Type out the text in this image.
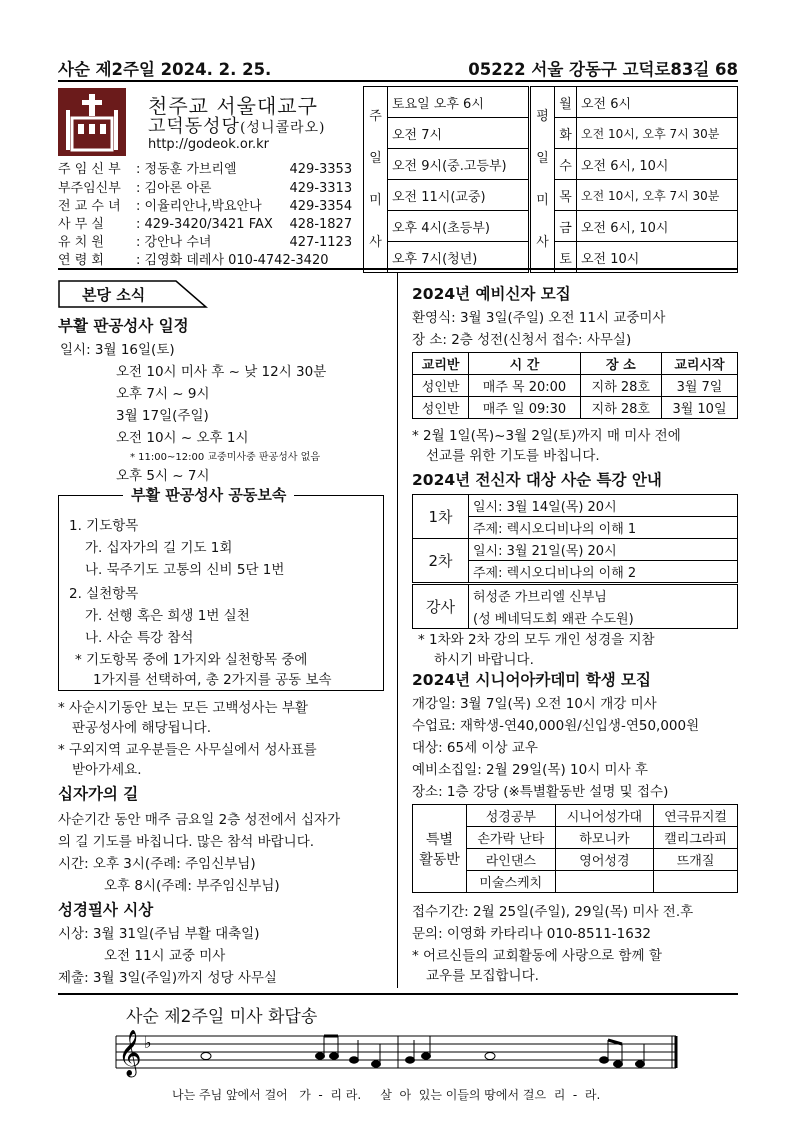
사순 제2주일 2024. 2. 25.	05222 서울 강동구 고덕로83길 68
천주교 서울대교구
고덕동성당(성니콜라오)
http://godeok.or.kr
주 임 신 부 : 정동훈 가브리엘	429-3353
부주임신부 : 김아론 아론	429-3313
전 교 수 녀 : 이율리안나,박요안나 429-3354
사 무 실 : 429-3420/3421 FAX 428-1827
유 치 원 : 강안나 수녀	427-1123
연 령 회 : 김영화 데레사 010-4742-3420
주
일
미
사
	토요일 오후 6시
오전 7시
오전 9시(중.고등부)
오전 11시(교중)
오후 4시(초등부)
오후 7시(청년)
평
일
미
사	월	오전 6시
	화	오전 10시, 오후 7시 30분
	수	오전 6시, 10시
	목	오전 10시, 오후 7시 30분
	금	오전 6시, 10시
	토	오전 10시
본당 소식
부활 판공성사 일정
일시: 3월 16일(토)
오전 10시 미사 후 ~ 낮 12시 30분
오후 7시 ~ 9시
3월 17일(주일)
오전 10시 ~ 오후 1시
* 11:00~12:00 교중미사중 판공성사 없음
오후 5시 ~ 7시
부활 판공성사 공동보속
1. 기도항목
가. 십자가의 길 기도 1회
나. 묵주기도 고통의 신비 5단 1번
2. 실천항목
가. 선행 혹은 희생 1번 실천
나. 사순 특강 참석
* 기도항목 중에 1가지와 실천항목 중에
1가지를 선택하여, 총 2가지를 공동 보속
* 사순시기동안 보는 모든 고백성사는 부활
판공성사에 해당됩니다.
* 구외지역 교우분들은 사무실에서 성사표를
받아가세요.
십자가의 길
사순기간 동안 매주 금요일 2층 성전에서 십자가
의 길 기도를 바칩니다. 많은 참석 바랍니다.
시간: 오후 3시(주례: 주임신부님)
오후 8시(주례: 부주임신부님)
성경필사 시상
시상: 3월 31일(주님 부활 대축일)
오전 11시 교중 미사
제출: 3월 3일(주일)까지 성당 사무실
2024년 예비신자 모집
환영식: 3월 3일(주일) 오전 11시 교중미사
장 소: 2층 성전(신청서 접수: 사무실)
교리반	시 간	장 소	교리시작
성인반	매주 목 20:00	지하 28호	3월 7일
성인반	매주 일 09:30	지하 28호	3월 10일
* 2월 1일(목)~3월 2일(토)까지 매 미사 전에
선교를 위한 기도를 바칩니다.
2024년 전신자 대상 사순 특강 안내
1차	일시: 3월 14일(목) 20시
	주제: 렉시오디비나의 이해 1
2차	일시: 3월 21일(목) 20시
	주제: 렉시오디비나의 이해 2
강사	허성준 가브리엘 신부님
(성 베네딕도회 왜관 수도원)
* 1차와 2차 강의 모두 개인 성경을 지참
하시기 바랍니다.
2024년 시니어아카데미 학생 모집
개강일: 3월 7일(목) 오전 10시 개강 미사
수업료: 재학생-연40,000원/신입생-연50,000원
대상: 65세 이상 교우
예비소집일: 2월 29일(목) 10시 미사 후
장소: 1층 강당 (※특별활동반 설명 및 접수)
특별
활동반	성경공부	시니어성가대	연극뮤지컬
	손가락 난타	하모니카	캘리그라피
	라인댄스	영어성경	뜨개질
	미술스케치		
접수기간: 2월 25일(주일), 29일(목) 미사 전.후
문의: 이영화 카타리나 010-8511-1632
* 어르신들의 교회활동에 사랑으로 함께 할
교우를 모집합니다.
사순 제2주일 미사 화답송
𝄞 ♭
나는 주님 앞에서 걸어   가  -  리 라.     살  아  있는 이들의 땅에서 걸으  리  -  라.
